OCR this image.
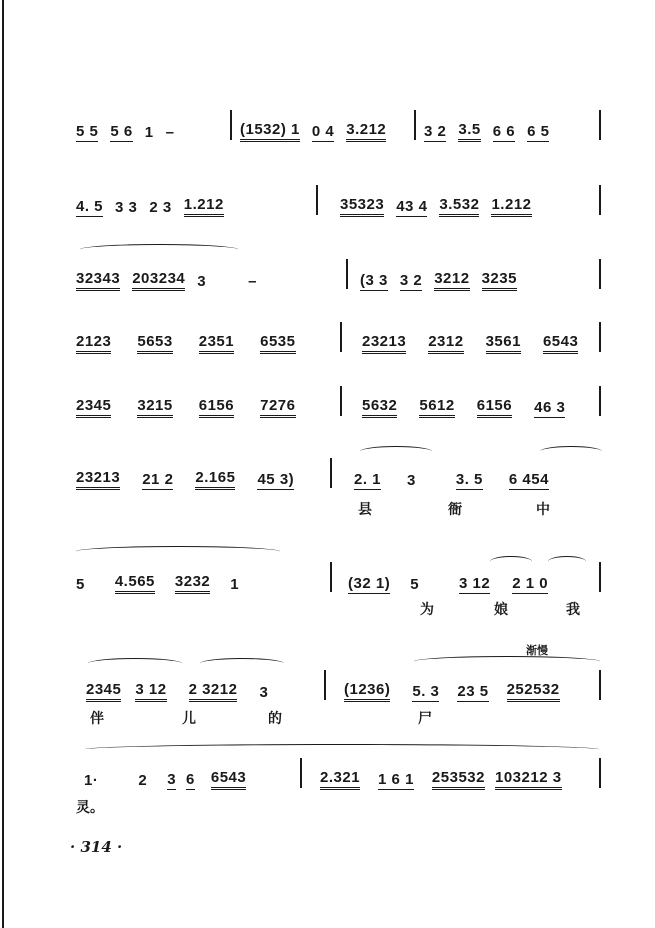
5 5 5 6 1 –	(1532) 1 0 4 3.212	3 2 3.5 6 6 6 5
4. 5 3 3 2 3 1.212	35323 43 4 3.532 1.212
32343 203234 3	–	(3 3 3 2 3212 3235
2123 5653 2351 6535	23213 2312 3561 6543
2345 3215 6156 7276	5632 5612 6156 46 3
23213 21 2 2.165 45 3)	2. 1 3	3. 5 6 454
县	衙	中
5 4.565 3232 1	(32 1) 5	3 12 2 1 0
为	娘	我
渐慢
2345 3 12 2 3212 3	(1236) 5. 3 23 5 252532
伴	儿	的	尸
1·	2 3 6 6543	2.321 1 6 1 253532 103212 3
灵。
· 314 ·
